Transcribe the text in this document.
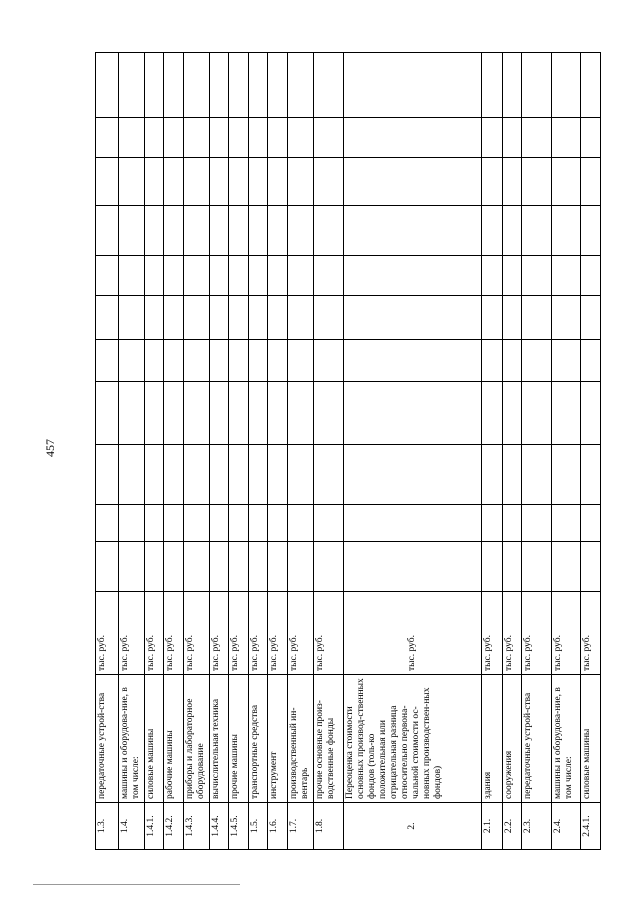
457
1.3.	передаточные устрой-ства	тыс. руб.											
1.4.	машины и оборудова-ние, в том числе:	тыс. руб.											
1.4.1.	силовые машины	тыс. руб.											
1.4.2.	рабочие машины	тыс. руб.											
1.4.3.	приборы и лабораторное оборудование	тыс. руб.											
1.4.4.	вычислительная техника	тыс. руб.											
1.4.5.	прочие машины	тыс. руб.											
1.5.	транспортные средства	тыс. руб.											
1.6.	инструмент	тыс. руб.											
1.7.	производственный ин-вентарь	тыс. руб.											
1.8.	прочие основные произ-водственные фонды	тыс. руб.											
2.	Переоценка стоимости основных производ-ственных фондов (толь-ко положительная или отрицательная разница относительно первона-чальной стоимости ос-новных производствен-ных фондов)	тыс. руб.											
2.1.	здания	тыс. руб.											
2.2.	сооружения	тыс. руб.											
2.3.	передаточные устрой-ства	тыс. руб.											
2.4.	машины и оборудова-ние, в том числе:	тыс. руб.											
2.4.1.	силовые машины	тыс. руб.											
